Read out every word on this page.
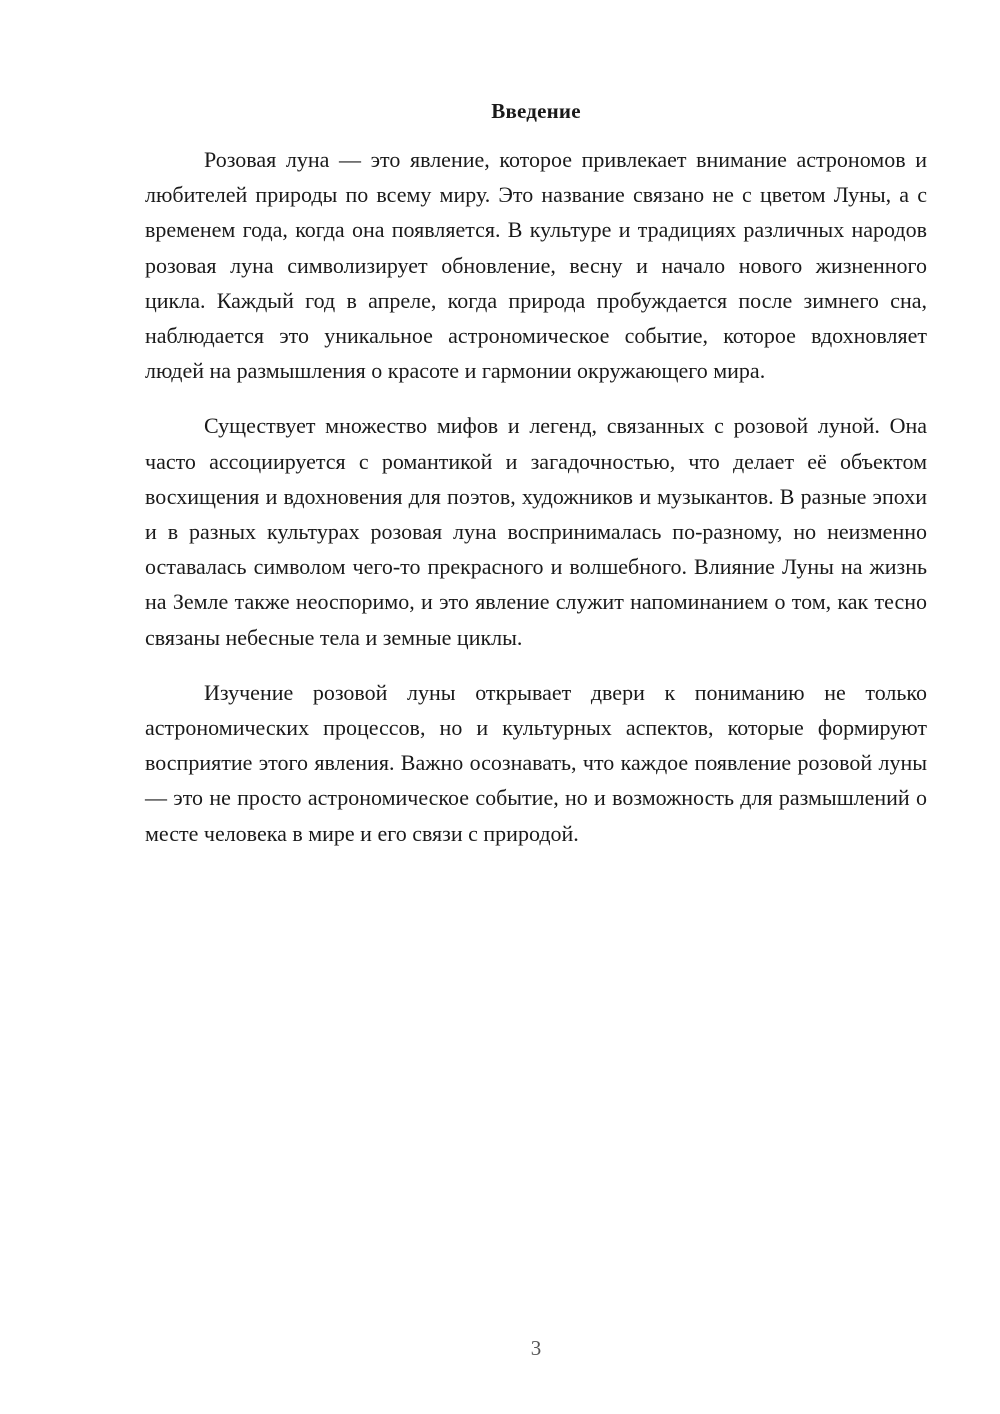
Введение

Розовая луна — это явление, которое привлекает внимание астрономов и любителей природы по всему миру. Это название связано не с цветом Луны, а с временем года, когда она появляется. В культуре и традициях различных народов розовая луна символизирует обновление, весну и начало нового жизненного цикла. Каждый год в апреле, когда природа пробуждается после зимнего сна, наблюдается это уникальное астрономическое событие, которое вдохновляет людей на размышления о красоте и гармонии окружающего мира.

Существует множество мифов и легенд, связанных с розовой луной. Она часто ассоциируется с романтикой и загадочностью, что делает её объектом восхищения и вдохновения для поэтов, художников и музыкантов. В разные эпохи и в разных культурах розовая луна воспринималась по-разному, но неизменно оставалась символом чего-то прекрасного и волшебного. Влияние Луны на жизнь на Земле также неоспоримо, и это явление служит напоминанием о том, как тесно связаны небесные тела и земные циклы.

Изучение розовой луны открывает двери к пониманию не только астрономических процессов, но и культурных аспектов, которые формируют восприятие этого явления. Важно осознавать, что каждое появление розовой луны — это не просто астрономическое событие, но и возможность для размышлений о месте человека в мире и его связи с природой.

3
